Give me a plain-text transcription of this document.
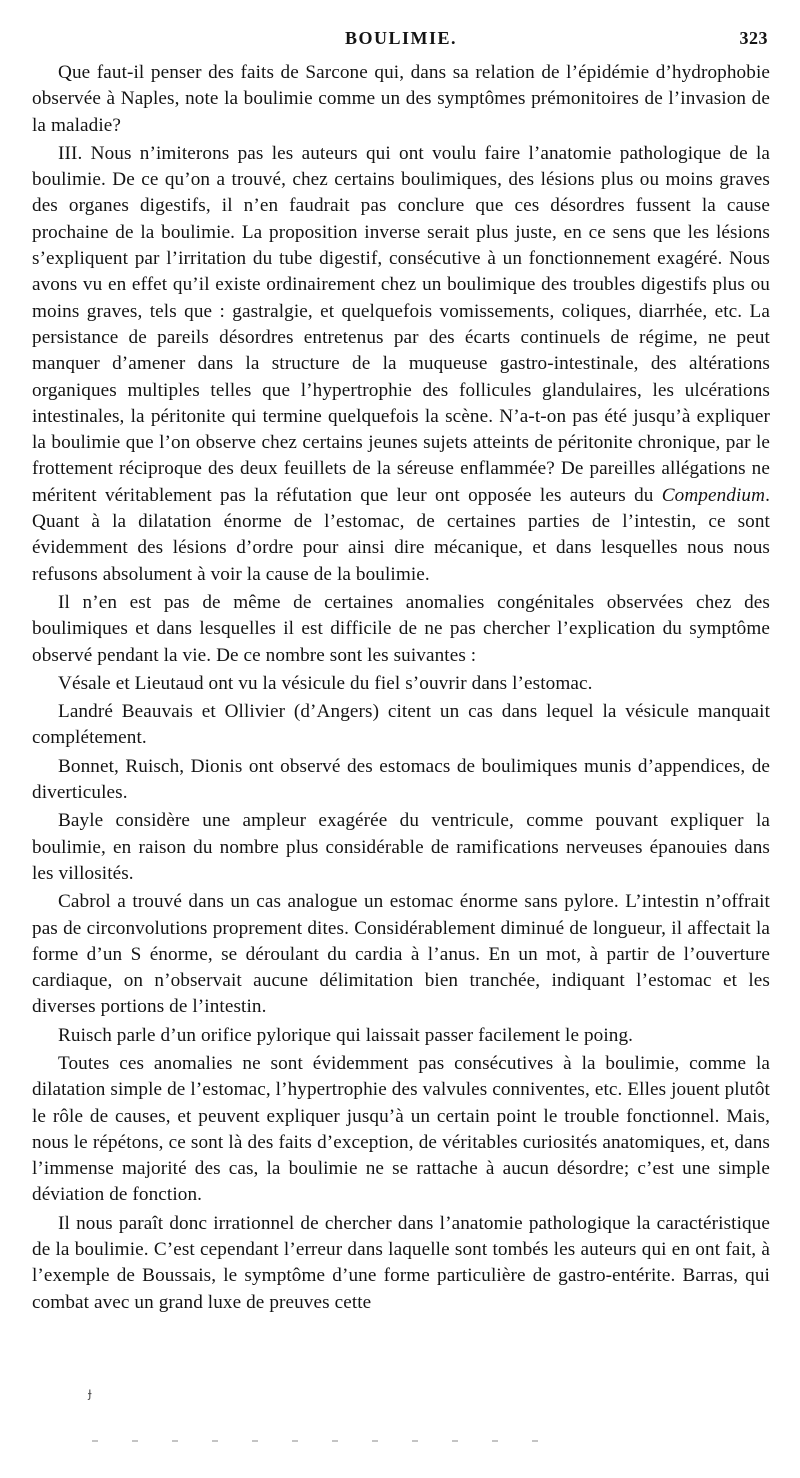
BOULIMIE.	323

Que faut-il penser des faits de Sarcone qui, dans sa relation de l’épidémie d’hydrophobie observée à Naples, note la boulimie comme un des symptômes prémonitoires de l’invasion de la maladie?

III. Nous n’imiterons pas les auteurs qui ont voulu faire l’anatomie pathologique de la boulimie. De ce qu’on a trouvé, chez certains boulimiques, des lésions plus ou moins graves des organes digestifs, il n’en faudrait pas conclure que ces désordres fussent la cause prochaine de la boulimie. La proposition inverse serait plus juste, en ce sens que les lésions s’expliquent par l’irritation du tube digestif, consécutive à un fonctionnement exagéré. Nous avons vu en effet qu’il existe ordinairement chez un boulimique des troubles digestifs plus ou moins graves, tels que : gastralgie, et quelquefois vomissements, coliques, diarrhée, etc. La persistance de pareils désordres entretenus par des écarts continuels de régime, ne peut manquer d’amener dans la structure de la muqueuse gastro-intestinale, des altérations organiques multiples telles que l’hypertrophie des follicules glandulaires, les ulcérations intestinales, la péritonite qui termine quelquefois la scène. N’a-t-on pas été jusqu’à expliquer la boulimie que l’on observe chez certains jeunes sujets atteints de péritonite chronique, par le frottement réciproque des deux feuillets de la séreuse enflammée? De pareilles allégations ne méritent véritablement pas la réfutation que leur ont opposée les auteurs du Compendium. Quant à la dilatation énorme de l’estomac, de certaines parties de l’intestin, ce sont évidemment des lésions d’ordre pour ainsi dire mécanique, et dans lesquelles nous nous refusons absolument à voir la cause de la boulimie.

Il n’en est pas de même de certaines anomalies congénitales observées chez des boulimiques et dans lesquelles il est difficile de ne pas chercher l’explication du symptôme observé pendant la vie. De ce nombre sont les suivantes :

Vésale et Lieutaud ont vu la vésicule du fiel s’ouvrir dans l’estomac.

Landré Beauvais et Ollivier (d’Angers) citent un cas dans lequel la vésicule manquait complétement.

Bonnet, Ruisch, Dionis ont observé des estomacs de boulimiques munis d’appendices, de diverticules.

Bayle considère une ampleur exagérée du ventricule, comme pouvant expliquer la boulimie, en raison du nombre plus considérable de ramifications nerveuses épanouies dans les villosités.

Cabrol a trouvé dans un cas analogue un estomac énorme sans pylore. L’intestin n’offrait pas de circonvolutions proprement dites. Considérablement diminué de longueur, il affectait la forme d’un S énorme, se déroulant du cardia à l’anus. En un mot, à partir de l’ouverture cardiaque, on n’observait aucune délimitation bien tranchée, indiquant l’estomac et les diverses portions de l’intestin.

Ruisch parle d’un orifice pylorique qui laissait passer facilement le poing.

Toutes ces anomalies ne sont évidemment pas consécutives à la boulimie, comme la dilatation simple de l’estomac, l’hypertrophie des valvules conniventes, etc. Elles jouent plutôt le rôle de causes, et peuvent expliquer jusqu’à un certain point le trouble fonctionnel. Mais, nous le répétons, ce sont là des faits d’exception, de véritables curiosités anatomiques, et, dans l’immense majorité des cas, la boulimie ne se rattache à aucun désordre; c’est une simple déviation de fonction.

Il nous paraît donc irrationnel de chercher dans l’anatomie pathologique la caractéristique de la boulimie. C’est cependant l’erreur dans laquelle sont tombés les auteurs qui en ont fait, à l’exemple de Boussais, le symptôme d’une forme particulière de gastro-entérite. Barras, qui combat avec un grand luxe de preuves cette

ɟ
